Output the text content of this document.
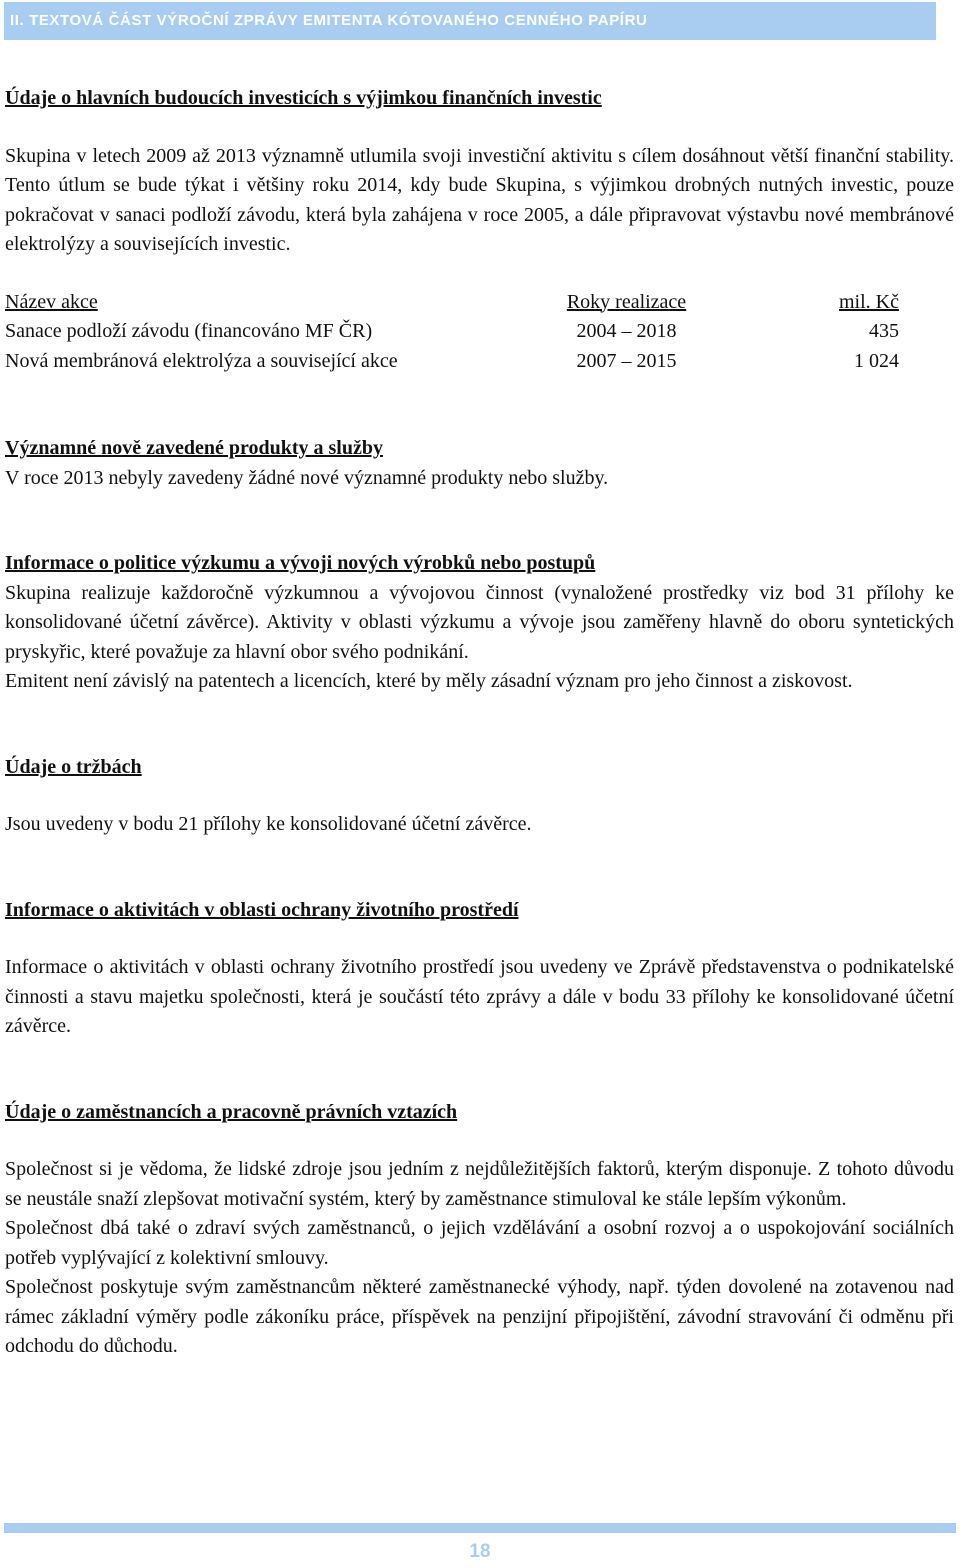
II. TEXTOVÁ ČÁST VÝROČNÍ ZPRÁVY EMITENTA KÓTOVANÉHO CENNÉHO PAPÍRU
Údaje o hlavních budoucích investicích s výjimkou finančních investic

Skupina v letech 2009 až 2013 významně utlumila svoji investiční aktivitu s cílem dosáhnout větší finanční stability. Tento útlum se bude týkat i většiny roku 2014, kdy bude Skupina, s výjimkou drobných nutných investic, pouze pokračovat v sanaci podloží závodu, která byla zahájena v roce 2005, a dále připravovat výstavbu nové membránové elektrolýzy a souvisejících investic.

Název akce	Roky realizace	mil. Kč
Sanace podloží závodu (financováno MF ČR)	2004 – 2018	435
Nová membránová elektrolýza a související akce	2007 – 2015	1 024
Významné nově zavedené produkty a služby

V roce 2013 nebyly zavedeny žádné nové významné produkty nebo služby.

Informace o politice výzkumu a vývoji nových výrobků nebo postupů

Skupina realizuje každoročně výzkumnou a vývojovou činnost (vynaložené prostředky viz bod 31 přílohy ke konsolidované účetní závěrce). Aktivity v oblasti výzkumu a vývoje jsou zaměřeny hlavně do oboru syntetických pryskyřic, které považuje za hlavní obor svého podnikání.

Emitent není závislý na patentech a licencích, které by měly zásadní význam pro jeho činnost a ziskovost.

Údaje o tržbách

Jsou uvedeny v bodu 21 přílohy ke konsolidované účetní závěrce.

Informace o aktivitách v oblasti ochrany životního prostředí

Informace o aktivitách v oblasti ochrany životního prostředí jsou uvedeny ve Zprávě představenstva o podnikatelské činnosti a stavu majetku společnosti, která je součástí této zprávy a dále v bodu 33 přílohy ke konsolidované účetní závěrce.

Údaje o zaměstnancích a pracovně právních vztazích

Společnost si je vědoma, že lidské zdroje jsou jedním z nejdůležitějších faktorů, kterým disponuje. Z tohoto důvodu se neustále snaží zlepšovat motivační systém, který by zaměstnance stimuloval ke stále lepším výkonům.

Společnost dbá také o zdraví svých zaměstnanců, o jejich vzdělávání a osobní rozvoj a o uspokojování sociálních potřeb vyplývající z kolektivní smlouvy.

Společnost poskytuje svým zaměstnancům některé zaměstnanecké výhody, např. týden dovolené na zotavenou nad rámec základní výměry podle zákoníku práce, příspěvek na penzijní připojištění, závodní stravování či odměnu při odchodu do důchodu.

18
